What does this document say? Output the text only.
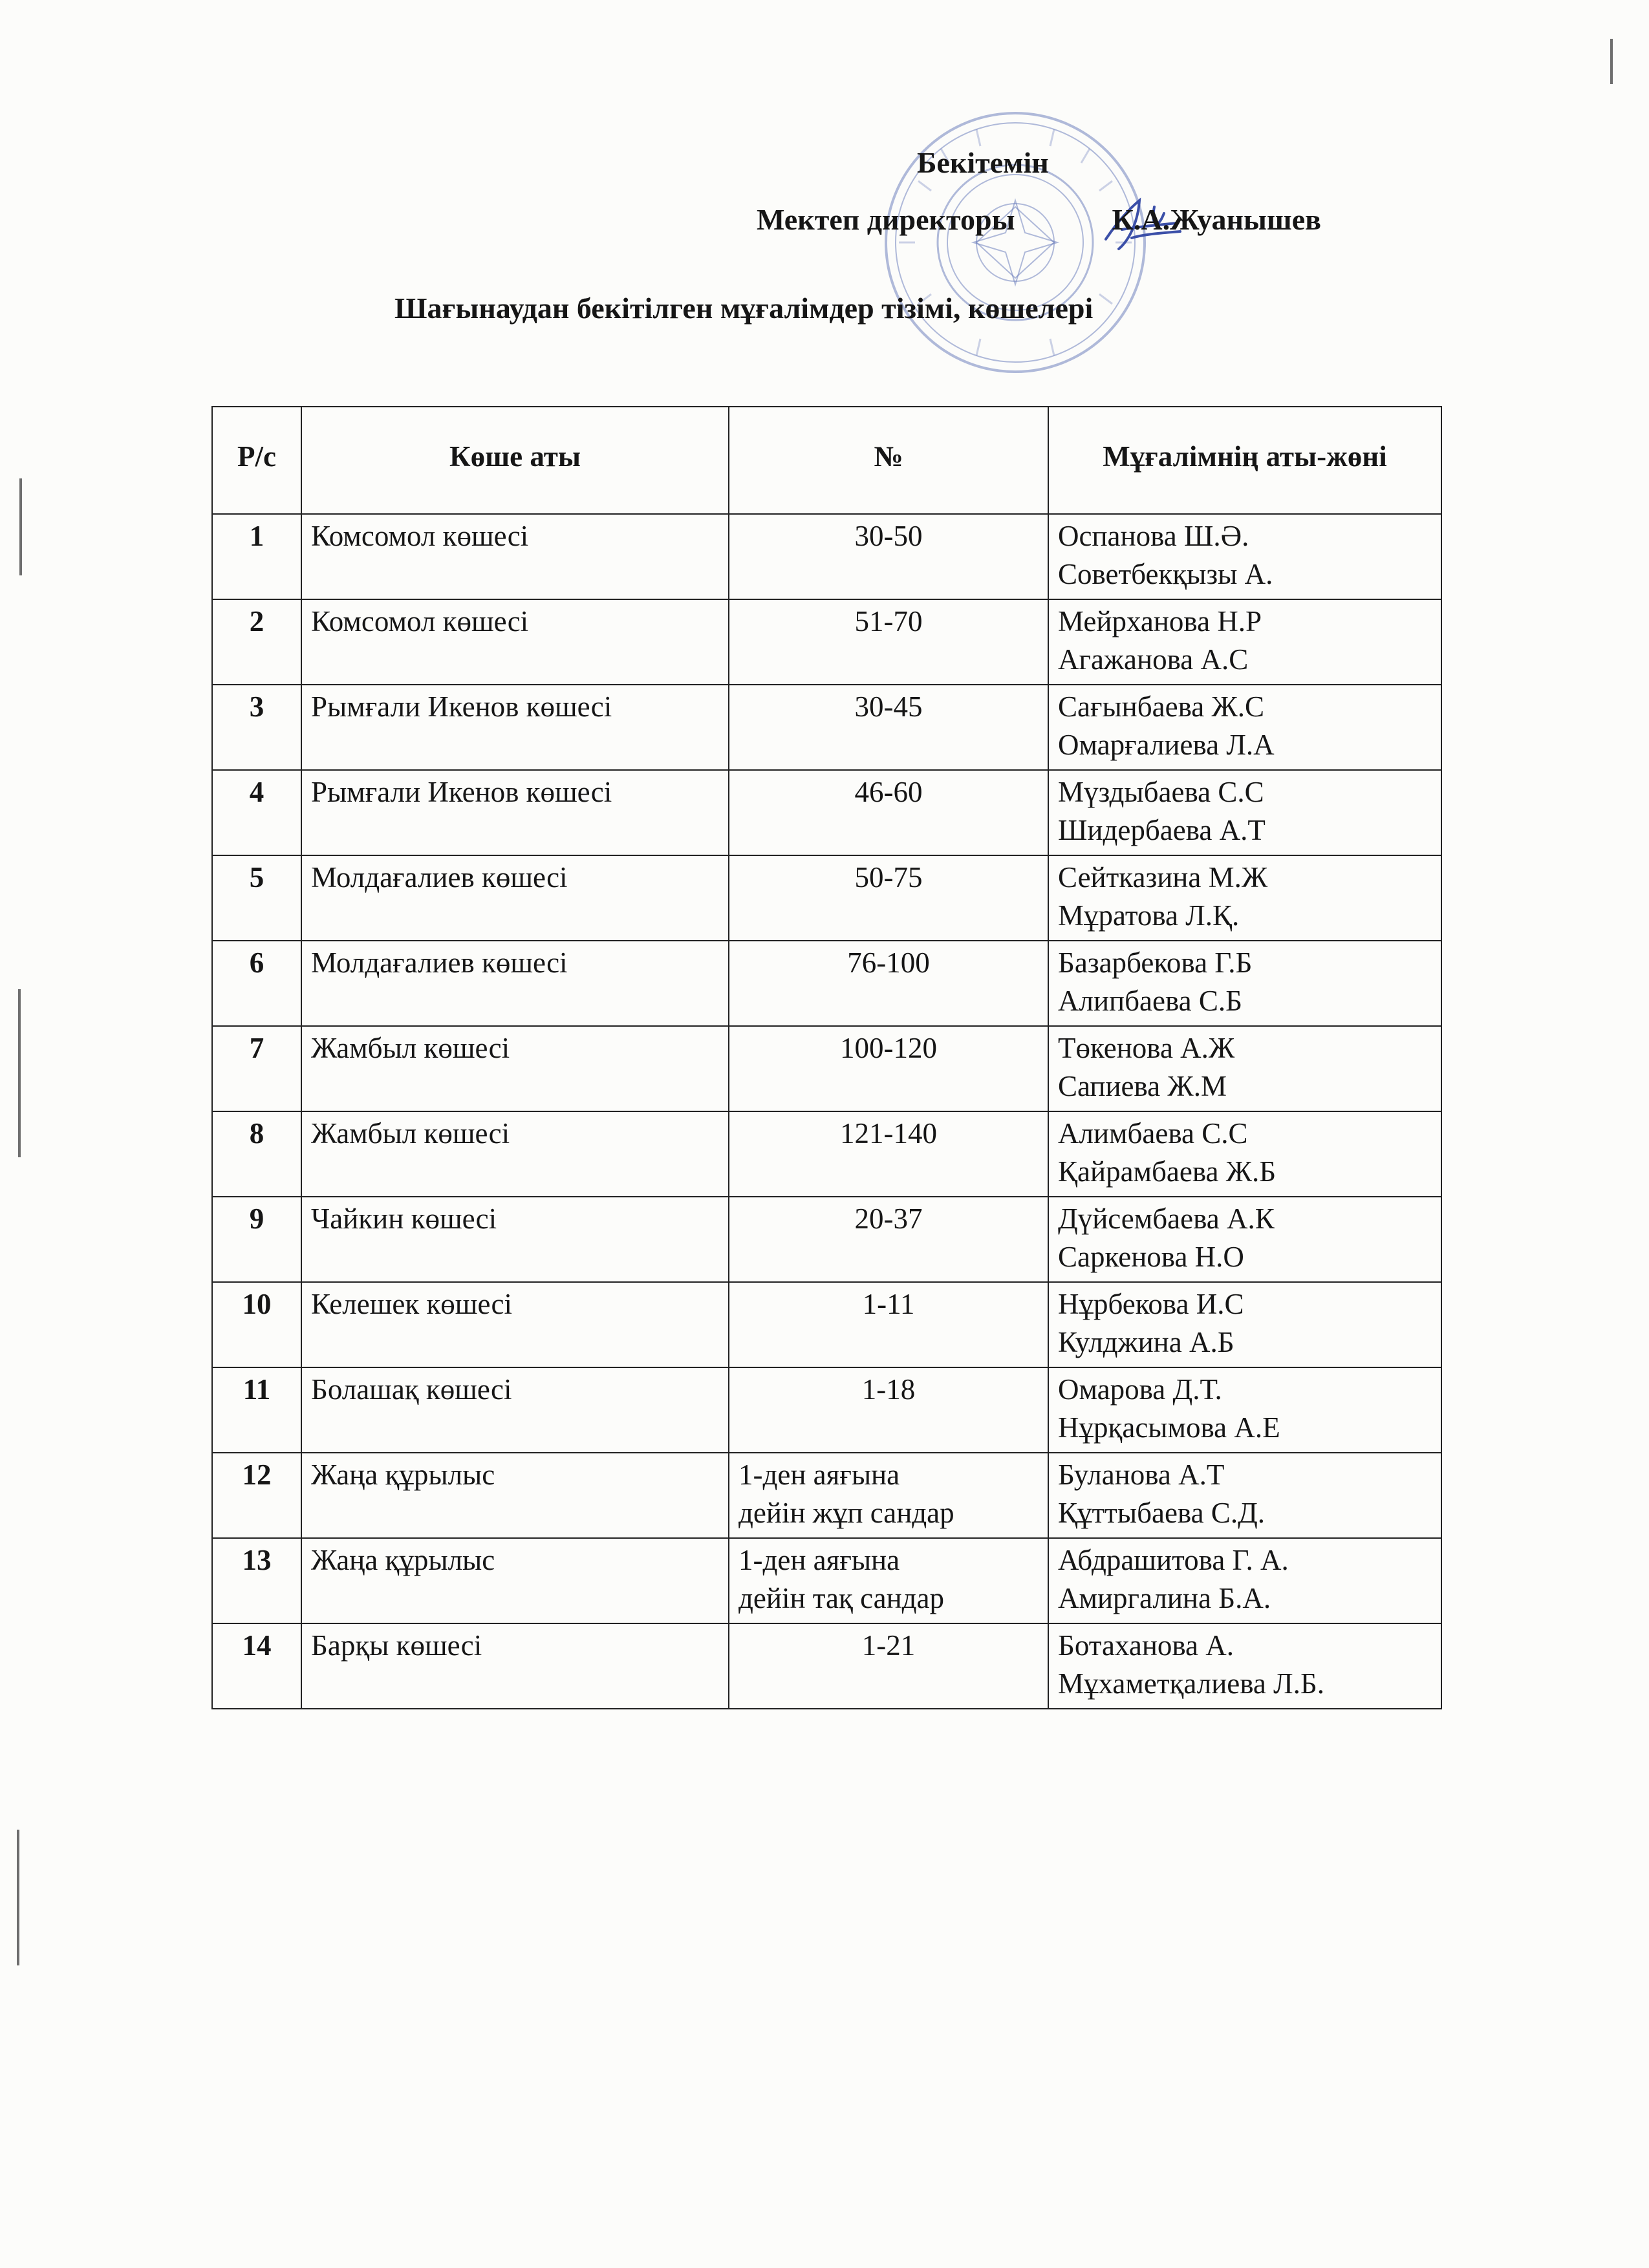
Бекітемін
Мектеп директоры	К.А.Жуанышев
Шағынаудан бекітілген мұғалімдер тізімі, көшелері
Р/с	Көше аты	№	Мұғалімнің аты-жөні
1	Комсомол көшесі	30-50	Оспанова Ш.Ә.
Советбекқызы А.

2	Комсомол көшесі	51-70	Мейрханова Н.Р
Агажанова А.С

3	Рымғали Икенов көшесі	30-45	Сағынбаева Ж.С
Омарғалиева Л.А

4	Рымғали Икенов көшесі	46-60	Мүздыбаева С.С
Шидербаева А.Т

5	Молдағалиев көшесі	50-75	Сейтказина М.Ж
Мұратова Л.Қ.

6	Молдағалиев көшесі	76-100	Базарбекова Г.Б
Алипбаева С.Б

7	Жамбыл көшесі	100-120	Төкенова А.Ж
Сапиева Ж.М

8	Жамбыл көшесі	121-140	Алимбаева С.С
Қайрамбаева Ж.Б

9	Чайкин көшесі	20-37	Дүйсембаева А.К
Саркенова Н.О

10	Келешек көшесі	1-11	Нұрбекова И.С
Кулджина А.Б

11	Болашақ көшесі	1-18	Омарова Д.Т.
Нұрқасымова А.Е

12	Жаңа құрылыс	1-ден аяғына
дейін жұп сандар	Буланова А.Т
Құттыбаева С.Д.

13	Жаңа құрылыс	1-ден аяғына
дейін тақ сандар	Абдрашитова Г. А.
Амиргалина Б.А.

14	Барқы көшесі	1-21	Ботаханова А.
Мұхаметқалиева Л.Б.
